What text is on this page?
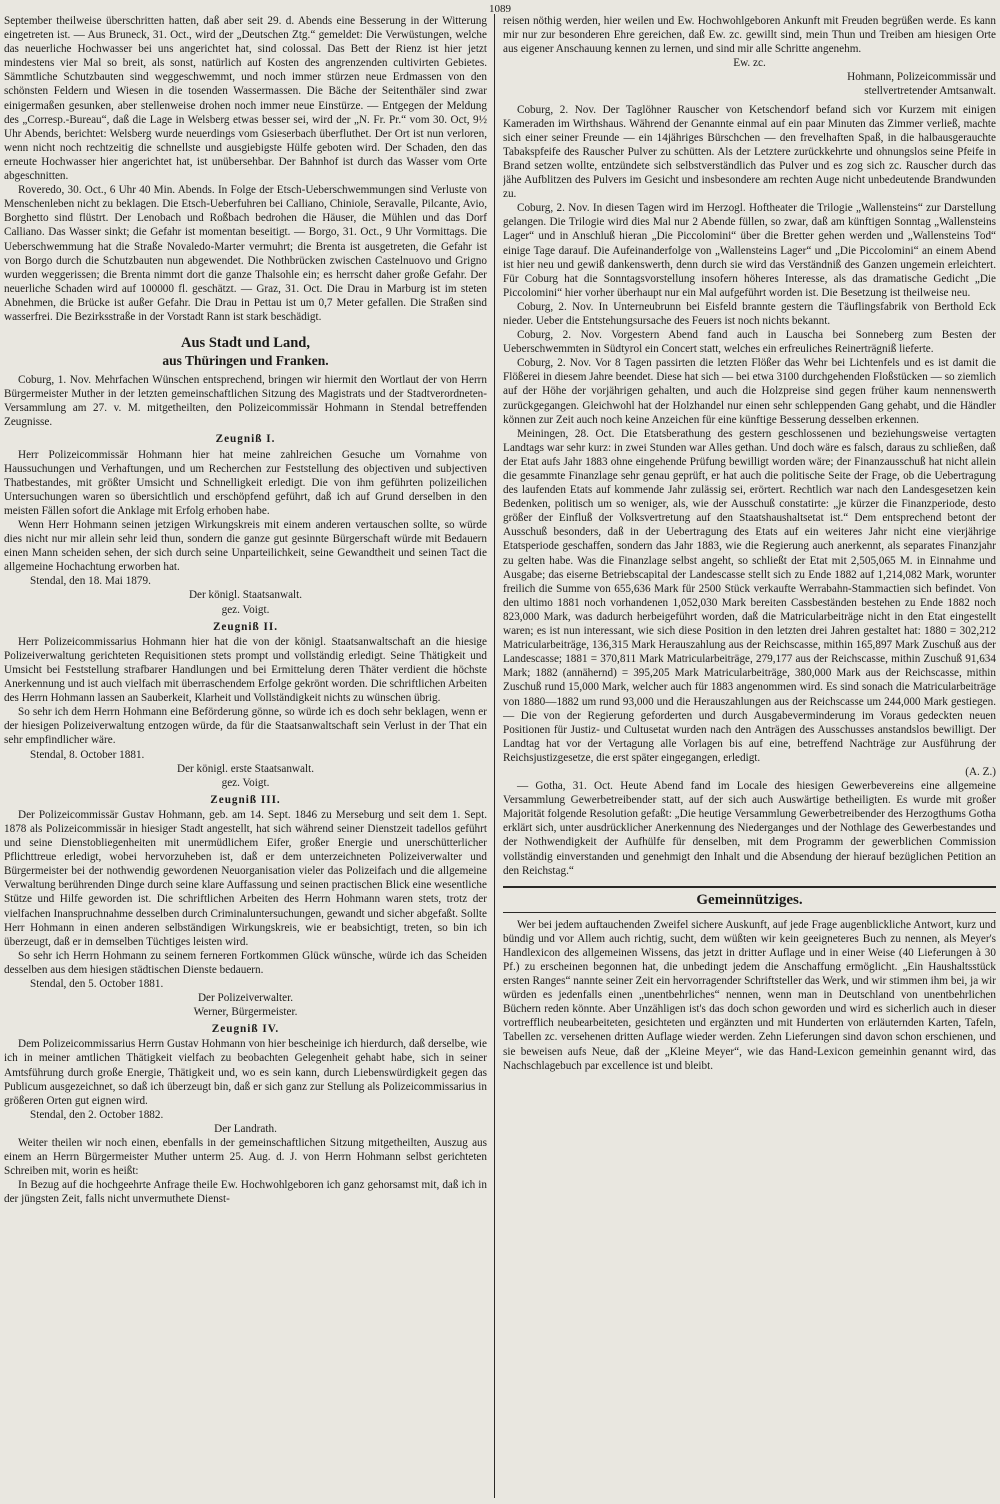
1089

September theilweise überschritten hatten, daß aber seit 29. d. Abends eine Besserung in der Witterung eingetreten ist. — Aus Bruneck, 31. Oct., wird der „Deutschen Ztg.“ gemeldet: Die Verwüstungen, welche das neuerliche Hochwasser bei uns angerichtet hat, sind colossal. Das Bett der Rienz ist hier jetzt mindestens vier Mal so breit, als sonst, natürlich auf Kosten des angrenzenden cultivirten Gebietes. Sämmtliche Schutzbauten sind weggeschwemmt, und noch immer stürzen neue Erdmassen von den schönsten Feldern und Wiesen in die tosenden Wassermassen. Die Bäche der Seitenthäler sind zwar einigermaßen gesunken, aber stellenweise drohen noch immer neue Einstürze. — Entgegen der Meldung des „Corresp.-Bureau“, daß die Lage in Welsberg etwas besser sei, wird der „N. Fr. Pr.“ vom 30. Oct, 9½ Uhr Abends, berichtet: Welsberg wurde neuerdings vom Gsieserbach überfluthet. Der Ort ist nun verloren, wenn nicht noch rechtzeitig die schnellste und ausgiebigste Hülfe geboten wird. Der Schaden, den das erneute Hochwasser hier angerichtet hat, ist unübersehbar. Der Bahnhof ist durch das Wasser vom Orte abgeschnitten.

Roveredo, 30. Oct., 6 Uhr 40 Min. Abends. In Folge der Etsch-Ueberschwemmungen sind Verluste von Menschenleben nicht zu beklagen. Die Etsch-Ueberfuhren bei Calliano, Chiniole, Seravalle, Pilcante, Avio, Borghetto sind flüstrt. Der Lenobach und Roßbach bedrohen die Häuser, die Mühlen und das Dorf Calliano. Das Wasser sinkt; die Gefahr ist momentan beseitigt. — Borgo, 31. Oct., 9 Uhr Vormittags. Die Ueberschwemmung hat die Straße Novaledo-Marter vermuhrt; die Brenta ist ausgetreten, die Gefahr ist von Borgo durch die Schutzbauten nun abgewendet. Die Nothbrücken zwischen Castelnuovo und Grigno wurden weggerissen; die Brenta nimmt dort die ganze Thalsohle ein; es herrscht daher große Gefahr. Der neuerliche Schaden wird auf 100000 fl. geschätzt. — Graz, 31. Oct. Die Drau in Marburg ist im steten Abnehmen, die Brücke ist außer Gefahr. Die Drau in Pettau ist um 0,7 Meter gefallen. Die Straßen sind wasserfrei. Die Bezirksstraße in der Vorstadt Rann ist stark beschädigt.

Aus Stadt und Land,
aus Thüringen und Franken.

Coburg, 1. Nov. Mehrfachen Wünschen entsprechend, bringen wir hiermit den Wortlaut der von Herrn Bürgermeister Muther in der letzten gemeinschaftlichen Sitzung des Magistrats und der Stadtverordneten-Versammlung am 27. v. M. mitgetheilten, den Polizeicommissär Hohmann in Stendal betreffenden Zeugnisse.

Zeugniß I.

Herr Polizeicommissär Hohmann hier hat meine zahlreichen Gesuche um Vornahme von Haussuchungen und Verhaftungen, und um Recherchen zur Feststellung des objectiven und subjectiven Thatbestandes, mit größter Umsicht und Schnelligkeit erledigt. Die von ihm geführten polizeilichen Untersuchungen waren so übersichtlich und erschöpfend geführt, daß ich auf Grund derselben in den meisten Fällen sofort die Anklage mit Erfolg erhoben habe.

Wenn Herr Hohmann seinen jetzigen Wirkungskreis mit einem anderen vertauschen sollte, so würde dies nicht nur mir allein sehr leid thun, sondern die ganze gut gesinnte Bürgerschaft würde mit Bedauern einen Mann scheiden sehen, der sich durch seine Unparteilichkeit, seine Gewandtheit und seinen Tact die allgemeine Hochachtung erworben hat.

Stendal, den 18. Mai 1879.

Der königl. Staatsanwalt.

gez. Voigt.

Zeugniß II.

Herr Polizeicommissarius Hohmann hier hat die von der königl. Staatsanwaltschaft an die hiesige Polizeiverwaltung gerichteten Requisitionen stets prompt und vollständig erledigt. Seine Thätigkeit und Umsicht bei Feststellung strafbarer Handlungen und bei Ermittelung deren Thäter verdient die höchste Anerkennung und ist auch vielfach mit überraschendem Erfolge gekrönt worden. Die schriftlichen Arbeiten des Herrn Hohmann lassen an Sauberkeit, Klarheit und Vollständigkeit nichts zu wünschen übrig.

So sehr ich dem Herrn Hohmann eine Beförderung gönne, so würde ich es doch sehr beklagen, wenn er der hiesigen Polizeiverwaltung entzogen würde, da für die Staatsanwaltschaft sein Verlust in der That ein sehr empfindlicher wäre.

Stendal, 8. October 1881.

Der königl. erste Staatsanwalt.

gez. Voigt.

Zeugniß III.

Der Polizeicommissär Gustav Hohmann, geb. am 14. Sept. 1846 zu Merseburg und seit dem 1. Sept. 1878 als Polizeicommissär in hiesiger Stadt angestellt, hat sich während seiner Dienstzeit tadellos geführt und seine Dienstobliegenheiten mit unermüdlichem Eifer, großer Energie und unerschütterlicher Pflichttreue erledigt, wobei hervorzuheben ist, daß er dem unterzeichneten Polizeiverwalter und Bürgermeister bei der nothwendig gewordenen Neuorganisation vieler das Polizeifach und die allgemeine Verwaltung berührenden Dinge durch seine klare Auffassung und seinen practischen Blick eine wesentliche Stütze und Hilfe geworden ist. Die schriftlichen Arbeiten des Herrn Hohmann waren stets, trotz der vielfachen Inanspruchnahme desselben durch Criminaluntersuchungen, gewandt und sicher abgefaßt. Sollte Herr Hohmann in einen anderen selbständigen Wirkungskreis, wie er beabsichtigt, treten, so bin ich überzeugt, daß er in demselben Tüchtiges leisten wird.

So sehr ich Herrn Hohmann zu seinem ferneren Fortkommen Glück wünsche, würde ich das Scheiden desselben aus dem hiesigen städtischen Dienste bedauern.

Stendal, den 5. October 1881.

Der Polizeiverwalter.

Werner, Bürgermeister.

Zeugniß IV.

Dem Polizeicommissarius Herrn Gustav Hohmann von hier bescheinige ich hierdurch, daß derselbe, wie ich in meiner amtlichen Thätigkeit vielfach zu beobachten Gelegenheit gehabt habe, sich in seiner Amtsführung durch große Energie, Thätigkeit und, wo es sein kann, durch Liebenswürdigkeit gegen das Publicum ausgezeichnet, so daß ich überzeugt bin, daß er sich ganz zur Stellung als Polizeicommissarius in größeren Orten gut eignen wird.

Stendal, den 2. October 1882.

Der Landrath.

Weiter theilen wir noch einen, ebenfalls in der gemeinschaftlichen Sitzung mitgetheilten, Auszug aus einem an Herrn Bürgermeister Muther unterm 25. Aug. d. J. von Herrn Hohmann selbst gerichteten Schreiben mit, worin es heißt:

In Bezug auf die hochgeehrte Anfrage theile Ew. Hochwohlgeboren ich ganz gehorsamst mit, daß ich in der jüngsten Zeit, falls nicht unvermuthete Dienst-

reisen nöthig werden, hier weilen und Ew. Hochwohlgeboren Ankunft mit Freuden begrüßen werde. Es kann mir nur zur besonderen Ehre gereichen, daß Ew. zc. gewillt sind, mein Thun und Treiben am hiesigen Orte aus eigener Anschauung kennen zu lernen, und sind mir alle Schritte angenehm.

Ew. zc.

Hohmann, Polizeicommissär und

stellvertretender Amtsanwalt.

Coburg, 2. Nov. Der Taglöhner Rauscher von Ketschendorf befand sich vor Kurzem mit einigen Kameraden im Wirthshaus. Während der Genannte einmal auf ein paar Minuten das Zimmer verließ, machte sich einer seiner Freunde — ein 14jähriges Bürschchen — den frevelhaften Spaß, in die halbausgerauchte Tabakspfeife des Rauscher Pulver zu schütten. Als der Letztere zurückkehrte und ohnungslos seine Pfeife in Brand setzen wollte, entzündete sich selbstverständlich das Pulver und es zog sich zc. Rauscher durch das jähe Aufblitzen des Pulvers im Gesicht und insbesondere am rechten Auge nicht unbedeutende Brandwunden zu.

Coburg, 2. Nov. In diesen Tagen wird im Herzogl. Hoftheater die Trilogie „Wallensteins“ zur Darstellung gelangen. Die Trilogie wird dies Mal nur 2 Abende füllen, so zwar, daß am künftigen Sonntag „Wallensteins Lager“ und in Anschluß hieran „Die Piccolomini“ über die Bretter gehen werden und „Wallensteins Tod“ einige Tage darauf. Die Aufeinanderfolge von „Wallensteins Lager“ und „Die Piccolomini“ an einem Abend ist hier neu und gewiß dankenswerth, denn durch sie wird das Verständniß des Ganzen ungemein erleichtert. Für Coburg hat die Sonntagsvorstellung insofern höheres Interesse, als das dramatische Gedicht „Die Piccolomini“ hier vorher überhaupt nur ein Mal aufgeführt worden ist. Die Besetzung ist theilweise neu.

Coburg, 2. Nov. In Unterneubrunn bei Eisfeld brannte gestern die Täuflingsfabrik von Berthold Eck nieder. Ueber die Entstehungsursache des Feuers ist noch nichts bekannt.

Coburg, 2. Nov. Vorgestern Abend fand auch in Lauscha bei Sonneberg zum Besten der Ueberschwemmten in Südtyrol ein Concert statt, welches ein erfreuliches Reinerträgniß lieferte.

Coburg, 2. Nov. Vor 8 Tagen passirten die letzten Flößer das Wehr bei Lichtenfels und es ist damit die Flößerei in diesem Jahre beendet. Diese hat sich — bei etwa 3100 durchgehenden Floßstücken — so ziemlich auf der Höhe der vorjährigen gehalten, und auch die Holzpreise sind gegen früher kaum nennenswerth zurückgegangen. Gleichwohl hat der Holzhandel nur einen sehr schleppenden Gang gehabt, und die Händler können zur Zeit auch noch keine Anzeichen für eine künftige Besserung desselben erkennen.

Meiningen, 28. Oct. Die Etatsberathung des gestern geschlossenen und beziehungsweise vertagten Landtags war sehr kurz: in zwei Stunden war Alles gethan. Und doch wäre es falsch, daraus zu schließen, daß der Etat aufs Jahr 1883 ohne eingehende Prüfung bewilligt worden wäre; der Finanzausschuß hat nicht allein die gesammte Finanzlage sehr genau geprüft, er hat auch die politische Seite der Frage, ob die Uebertragung des laufenden Etats auf kommende Jahr zulässig sei, erörtert. Rechtlich war nach den Landesgesetzen kein Bedenken, politisch um so weniger, als, wie der Ausschuß constatirte: „je kürzer die Finanzperiode, desto größer der Einfluß der Volksvertretung auf den Staatshaushaltsetat ist.“ Dem entsprechend betont der Ausschuß besonders, daß in der Uebertragung des Etats auf ein weiteres Jahr nicht eine vierjährige Etatsperiode geschaffen, sondern das Jahr 1883, wie die Regierung auch anerkennt, als separates Finanzjahr zu gelten habe. Was die Finanzlage selbst angeht, so schließt der Etat mit 2,505,065 M. in Einnahme und Ausgabe; das eiserne Betriebscapital der Landescasse stellt sich zu Ende 1882 auf 1,214,082 Mark, worunter freilich die Summe von 655,636 Mark für 2500 Stück verkaufte Werrabahn-Stammactien sich befindet. Von den ultimo 1881 noch vorhandenen 1,052,030 Mark bereiten Cassbeständen bestehen zu Ende 1882 noch 823,000 Mark, was dadurch herbeigeführt worden, daß die Matricularbeiträge nicht in den Etat eingestellt waren; es ist nun interessant, wie sich diese Position in den letzten drei Jahren gestaltet hat: 1880 = 302,212 Matricularbeiträge, 136,315 Mark Herauszahlung aus der Reichscasse, mithin 165,897 Mark Zuschuß aus der Landescasse; 1881 = 370,811 Mark Matricularbeiträge, 279,177 aus der Reichscasse, mithin Zuschuß 91,634 Mark; 1882 (annähernd) = 395,205 Mark Matricularbeiträge, 380,000 Mark aus der Reichscasse, mithin Zuschuß rund 15,000 Mark, welcher auch für 1883 angenommen wird. Es sind sonach die Matricularbeiträge von 1880—1882 um rund 93,000 und die Herauszahlungen aus der Reichscasse um 244,000 Mark gestiegen. — Die von der Regierung geforderten und durch Ausgabeverminderung im Voraus gedeckten neuen Positionen für Justiz- und Cultusetat wurden nach den Anträgen des Ausschusses anstandslos bewilligt. Der Landtag hat vor der Vertagung alle Vorlagen bis auf eine, betreffend Nachträge zur Ausführung der Reichsjustizgesetze, die erst später eingegangen, erledigt.

(A. Z.)

— Gotha, 31. Oct. Heute Abend fand im Locale des hiesigen Gewerbevereins eine allgemeine Versammlung Gewerbetreibender statt, auf der sich auch Auswärtige betheiligten. Es wurde mit großer Majorität folgende Resolution gefaßt: „Die heutige Versammlung Gewerbetreibender des Herzogthums Gotha erklärt sich, unter ausdrücklicher Anerkennung des Niederganges und der Nothlage des Gewerbestandes und der Nothwendigkeit der Aufhülfe für denselben, mit dem Programm der gewerblichen Commission vollständig einverstanden und genehmigt den Inhalt und die Absendung der hierauf bezüglichen Petition an den Reichstag.“

Gemeinnütziges.

Wer bei jedem auftauchenden Zweifel sichere Auskunft, auf jede Frage augenblickliche Antwort, kurz und bündig und vor Allem auch richtig, sucht, dem wüßten wir kein geeigneteres Buch zu nennen, als Meyer's Handlexicon des allgemeinen Wissens, das jetzt in dritter Auflage und in einer Weise (40 Lieferungen à 30 Pf.) zu erscheinen begonnen hat, die unbedingt jedem die Anschaffung ermöglicht. „Ein Haushaltsstück ersten Ranges“ nannte seiner Zeit ein hervorragender Schriftsteller das Werk, und wir stimmen ihm bei, ja wir würden es jedenfalls einen „unentbehrliches“ nennen, wenn man in Deutschland von unentbehrlichen Büchern reden könnte. Aber Unzähligen ist's das doch schon geworden und wird es sicherlich auch in dieser vortrefflich neubearbeiteten, gesichteten und ergänzten und mit Hunderten von erläuternden Karten, Tafeln, Tabellen zc. versehenen dritten Auflage wieder werden. Zehn Lieferungen sind davon schon erschienen, und sie beweisen aufs Neue, daß der „Kleine Meyer“, wie das Hand-Lexicon gemeinhin genannt wird, das Nachschlagebuch par excellence ist und bleibt.
